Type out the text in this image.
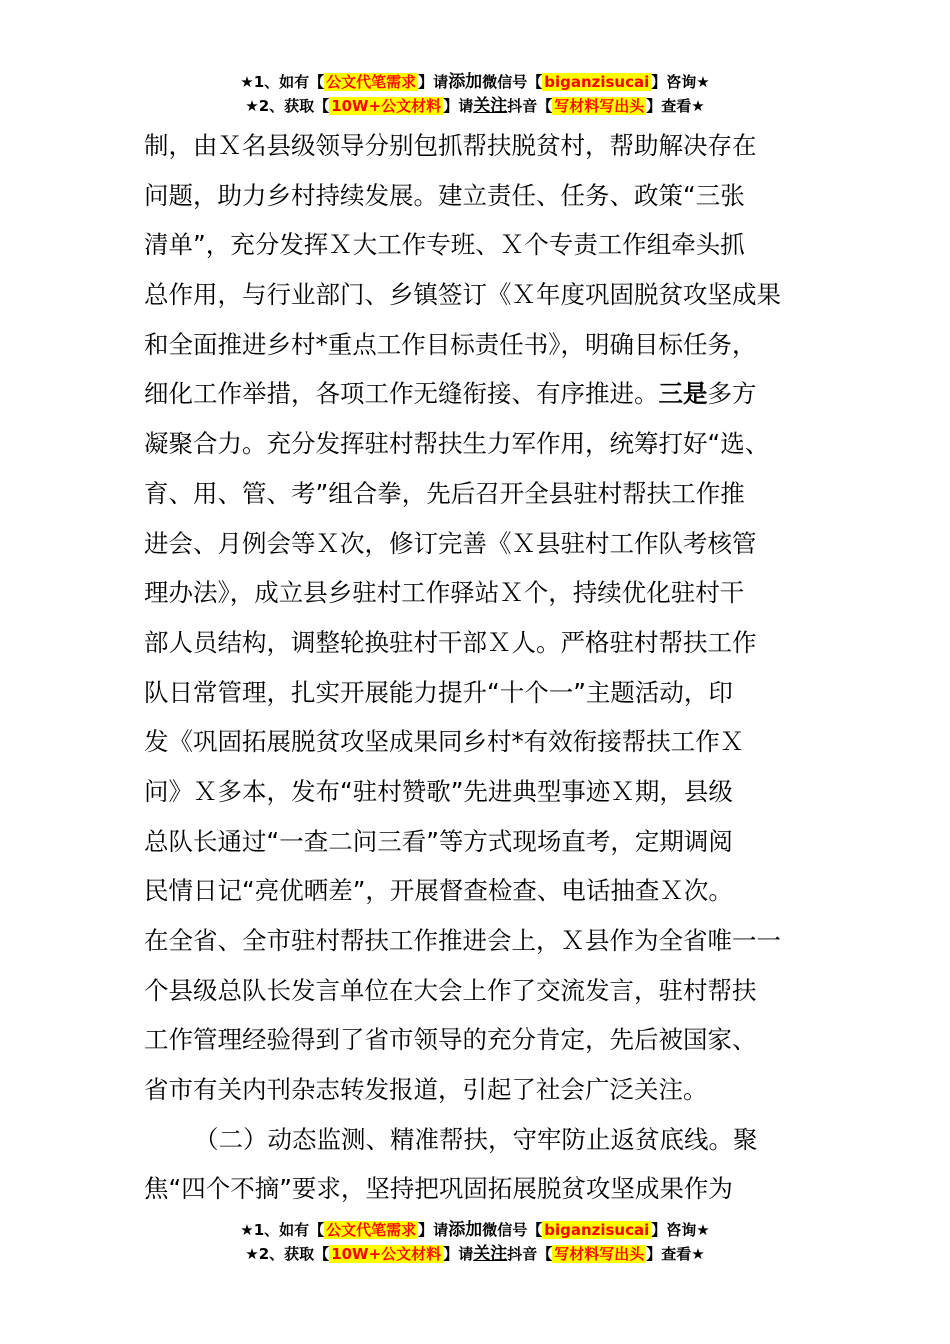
★1、如有【 公文代笔需求 】请添加微信号【 biganzisucai 】咨询★
★2、获取【 10W+公文材料 】请关注抖音【 写材料写出头 】查看★
制，由Ｘ名县级领导分别包抓帮扶脱贫村，帮助解决存在
问题，助力乡村持续发展。建立责任、任务、政策“三张
清单”，充分发挥Ｘ大工作专班、Ｘ个专责工作组牵头抓
总作用，与行业部门、乡镇签订《Ｘ年度巩固脱贫攻坚成果
和全面推进乡村*重点工作目标责任书》，明确目标任务，
细化工作举措，各项工作无缝衔接、有序推进。三是多方
凝聚合力。充分发挥驻村帮扶生力军作用，统筹打好“选、
育、用、管、考”组合拳，先后召开全县驻村帮扶工作推
进会、月例会等Ｘ次，修订完善《Ｘ县驻村工作队考核管
理办法》，成立县乡驻村工作驿站Ｘ个，持续优化驻村干
部人员结构，调整轮换驻村干部Ｘ人。严格驻村帮扶工作
队日常管理，扎实开展能力提升“十个一”主题活动，印
发《巩固拓展脱贫攻坚成果同乡村*有效衔接帮扶工作Ｘ
问》Ｘ多本，发布“驻村赞歌”先进典型事迹Ｘ期，县级
总队长通过“一查二问三看”等方式现场直考，定期调阅
民情日记“亮优晒差”，开展督查检查、电话抽查Ｘ次。
在全省、全市驻村帮扶工作推进会上，Ｘ县作为全省唯一一
个县级总队长发言单位在大会上作了交流发言，驻村帮扶
工作管理经验得到了省市领导的充分肯定，先后被国家、
省市有关内刊杂志转发报道，引起了社会广泛关注。
（二）动态监测、精准帮扶，守牢防止返贫底线。聚
焦“四个不摘”要求，坚持把巩固拓展脱贫攻坚成果作为
★1、如有【 公文代笔需求 】请添加微信号【 biganzisucai 】咨询★
★2、获取【 10W+公文材料 】请关注抖音【 写材料写出头 】查看★
